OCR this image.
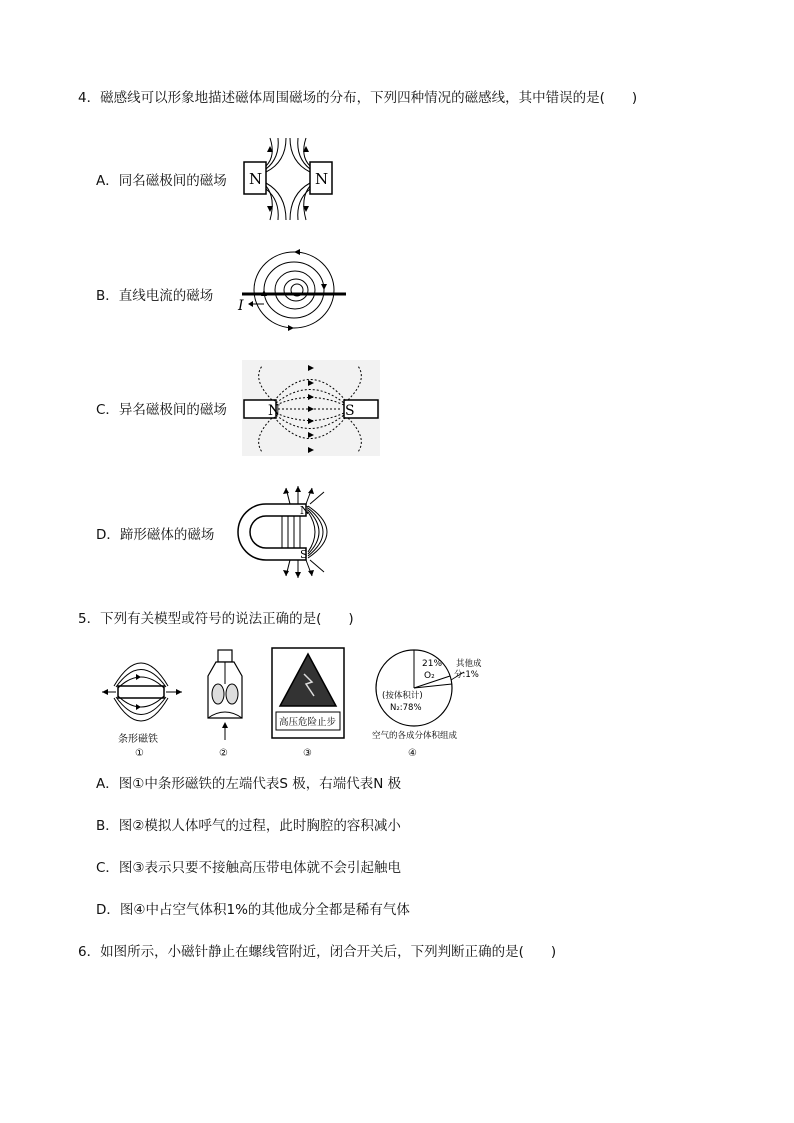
4．磁感线可以形象地描述磁体周围磁场的分布，下列四种情况的磁感线，其中错误的是(　　)
A．同名磁极间的磁场 N	N
B．直线电流的磁场
I
C．异名磁极间的磁场	N	S
D．蹄形磁体的磁场
N
S
5．下列有关模型或符号的说法正确的是(　　)
条形磁铁
①	②
高压危险止步
③
21%
O₂
其他成
分:1%
(按体积计)
N₂:78%
空气的各成分体积组成
④
A．图①中条形磁铁的左端代表S 极，右端代表N 极
B．图②模拟人体呼气的过程，此时胸腔的容积减小
C．图③表示只要不接触高压带电体就不会引起触电
D．图④中占空气体积1%的其他成分全都是稀有气体
6．如图所示，小磁针静止在螺线管附近，闭合开关后，下列判断正确的是(　　)
